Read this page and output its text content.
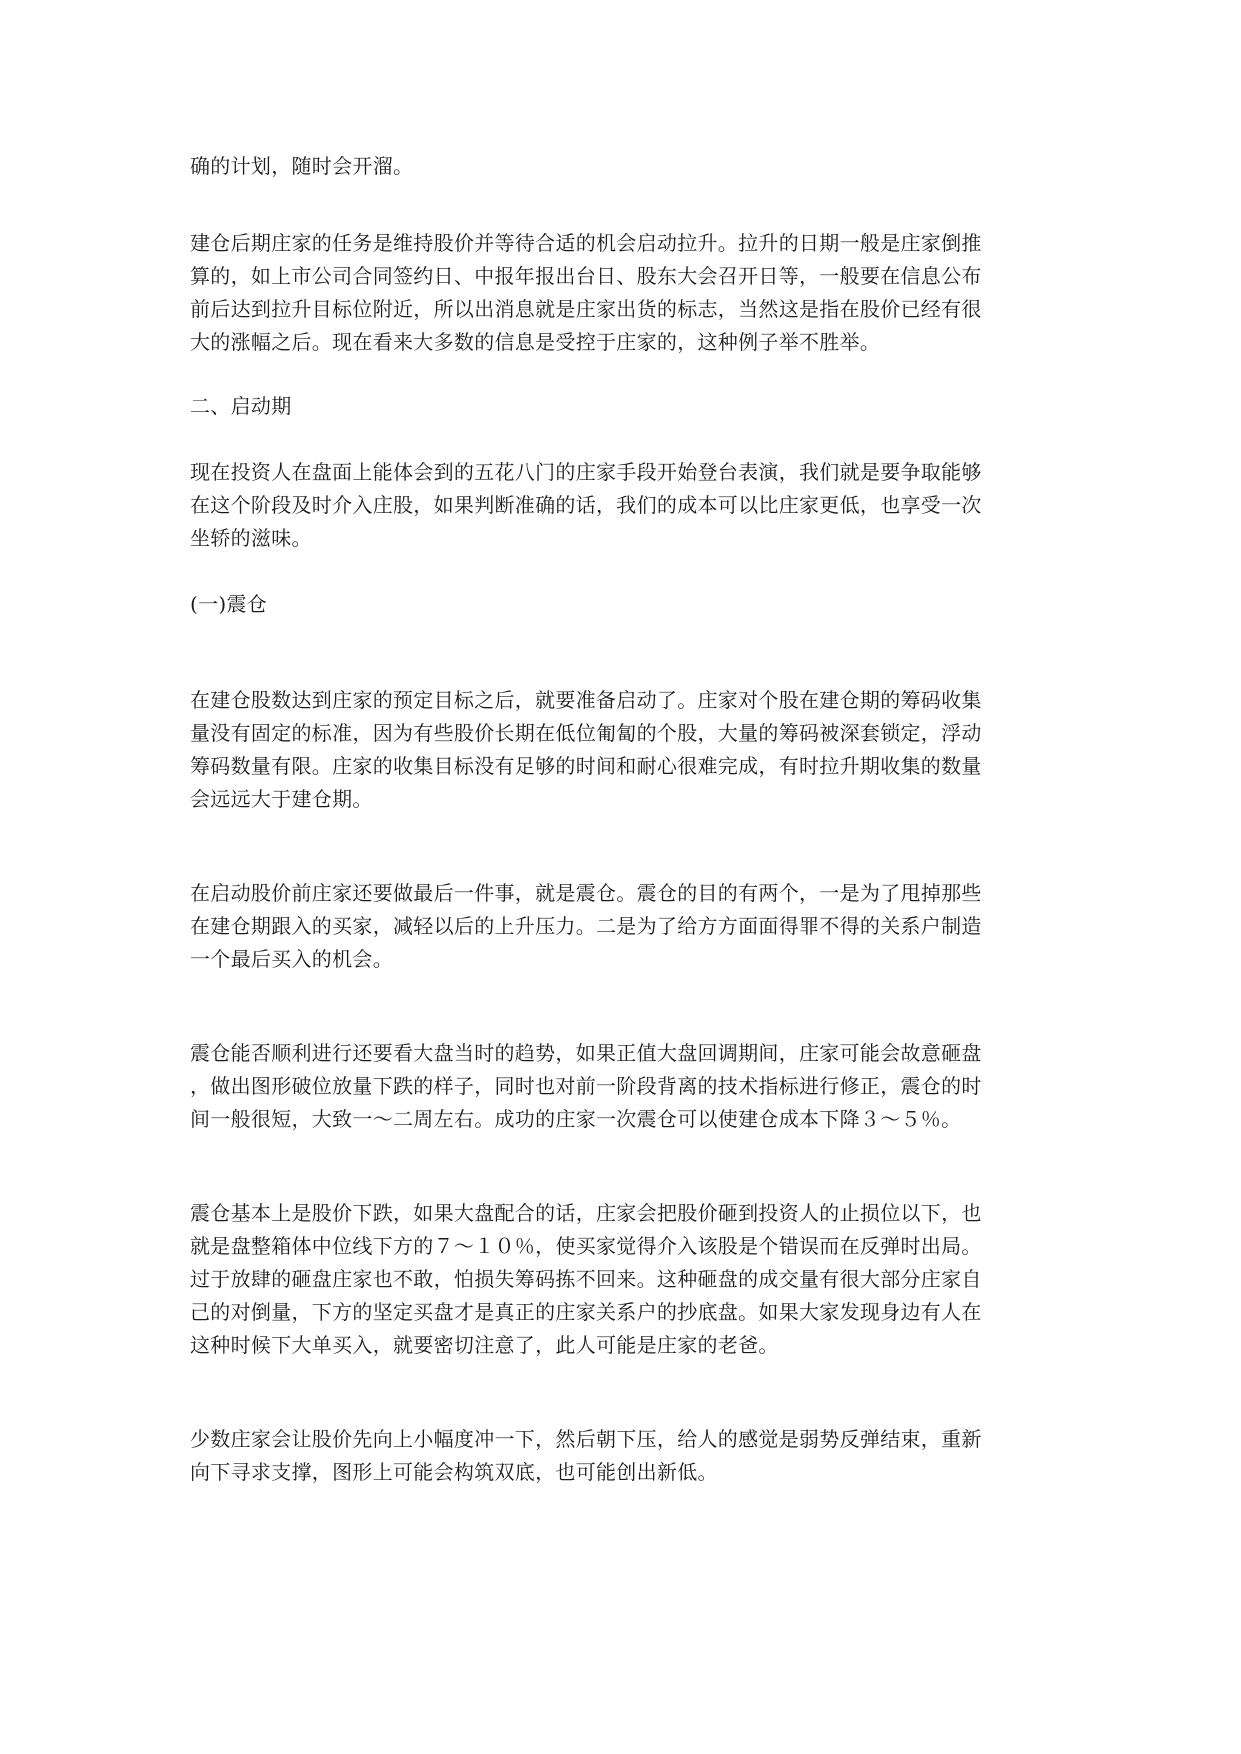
确的计划，随时会开溜。

建仓后期庄家的任务是维持股价并等待合适的机会启动拉升。拉升的日期一般是庄家倒推

算的，如上市公司合同签约日、中报年报出台日、股东大会召开日等，一般要在信息公布

前后达到拉升目标位附近，所以出消息就是庄家出货的标志，当然这是指在股价已经有很

大的涨幅之后。现在看来大多数的信息是受控于庄家的，这种例子举不胜举。

二、启动期

现在投资人在盘面上能体会到的五花八门的庄家手段开始登台表演，我们就是要争取能够

在这个阶段及时介入庄股，如果判断准确的话，我们的成本可以比庄家更低，也享受一次

坐轿的滋味。

(一)震仓

在建仓股数达到庄家的预定目标之后，就要准备启动了。庄家对个股在建仓期的筹码收集

量没有固定的标准，因为有些股价长期在低位匍匐的个股，大量的筹码被深套锁定，浮动

筹码数量有限。庄家的收集目标没有足够的时间和耐心很难完成，有时拉升期收集的数量

会远远大于建仓期。

在启动股价前庄家还要做最后一件事，就是震仓。震仓的目的有两个，一是为了甩掉那些

在建仓期跟入的买家，减轻以后的上升压力。二是为了给方方面面得罪不得的关系户制造

一个最后买入的机会。

震仓能否顺利进行还要看大盘当时的趋势，如果正值大盘回调期间，庄家可能会故意砸盘

，做出图形破位放量下跌的样子，同时也对前一阶段背离的技术指标进行修正，震仓的时

间一般很短，大致一～二周左右。成功的庄家一次震仓可以使建仓成本下降３～５％。

震仓基本上是股价下跌，如果大盘配合的话，庄家会把股价砸到投资人的止损位以下，也

就是盘整箱体中位线下方的７～１０％，使买家觉得介入该股是个错误而在反弹时出局。

过于放肆的砸盘庄家也不敢，怕损失筹码拣不回来。这种砸盘的成交量有很大部分庄家自

己的对倒量，下方的坚定买盘才是真正的庄家关系户的抄底盘。如果大家发现身边有人在

这种时候下大单买入，就要密切注意了，此人可能是庄家的老爸。

少数庄家会让股价先向上小幅度冲一下，然后朝下压，给人的感觉是弱势反弹结束，重新

向下寻求支撑，图形上可能会构筑双底，也可能创出新低。
